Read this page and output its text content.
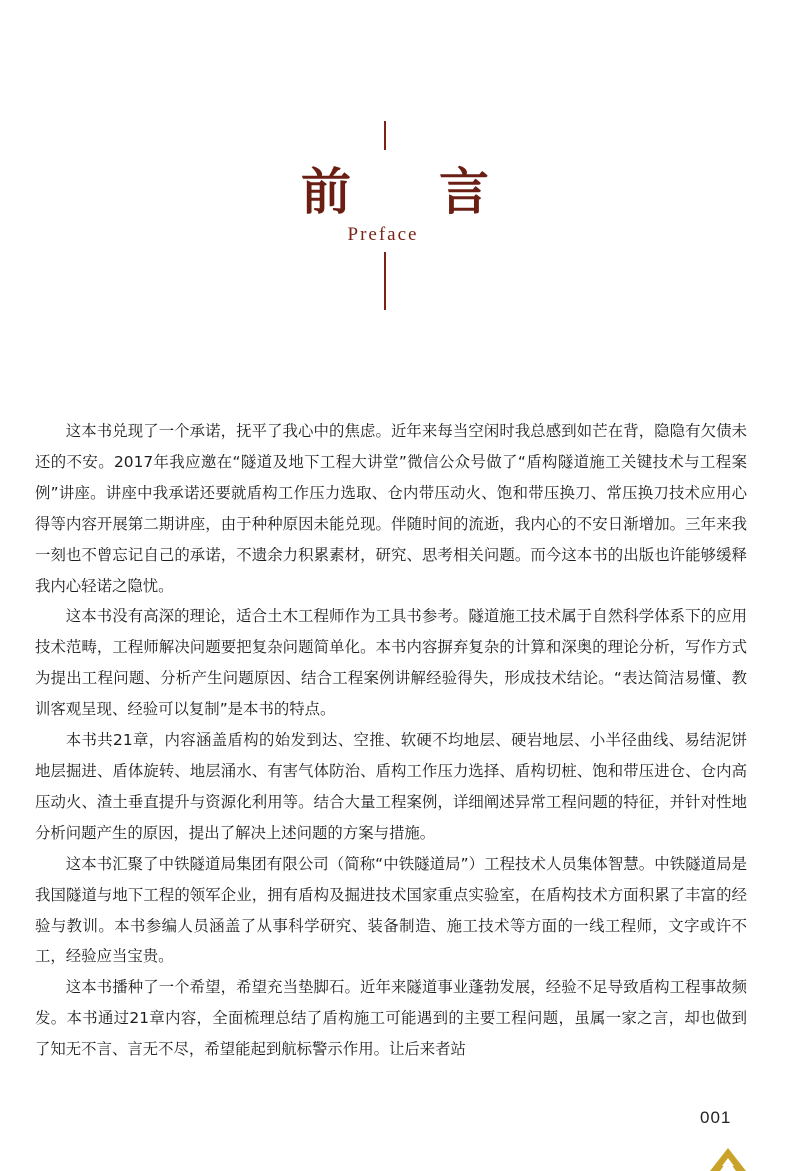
前言
Preface

这本书兑现了一个承诺，抚平了我心中的焦虑。近年来每当空闲时我总感到如芒在背，隐隐有欠债未还的不安。2017年我应邀在“隧道及地下工程大讲堂”微信公众号做了“盾构隧道施工关键技术与工程案例”讲座。讲座中我承诺还要就盾构工作压力选取、仓内带压动火、饱和带压换刀、常压换刀技术应用心得等内容开展第二期讲座，由于种种原因未能兑现。伴随时间的流逝，我内心的不安日渐增加。三年来我一刻也不曾忘记自己的承诺，不遗余力积累素材，研究、思考相关问题。而今这本书的出版也许能够缓释我内心轻诺之隐忧。

这本书没有高深的理论，适合土木工程师作为工具书参考。隧道施工技术属于自然科学体系下的应用技术范畴，工程师解决问题要把复杂问题简单化。本书内容摒弃复杂的计算和深奥的理论分析，写作方式为提出工程问题、分析产生问题原因、结合工程案例讲解经验得失，形成技术结论。“表达简洁易懂、教训客观呈现、经验可以复制”是本书的特点。

本书共21章，内容涵盖盾构的始发到达、空推、软硬不均地层、硬岩地层、小半径曲线、易结泥饼地层掘进、盾体旋转、地层涌水、有害气体防治、盾构工作压力选择、盾构切桩、饱和带压进仓、仓内高压动火、渣土垂直提升与资源化利用等。结合大量工程案例，详细阐述异常工程问题的特征，并针对性地分析问题产生的原因，提出了解决上述问题的方案与措施。

这本书汇聚了中铁隧道局集团有限公司（简称“中铁隧道局”）工程技术人员集体智慧。中铁隧道局是我国隧道与地下工程的领军企业，拥有盾构及掘进技术国家重点实验室，在盾构技术方面积累了丰富的经验与教训。本书参编人员涵盖了从事科学研究、装备制造、施工技术等方面的一线工程师，文字或许不工，经验应当宝贵。

这本书播种了一个希望，希望充当垫脚石。近年来隧道事业蓬勃发展，经验不足导致盾构工程事故频发。本书通过21章内容，全面梳理总结了盾构施工可能遇到的主要工程问题，虽属一家之言，却也做到了知无不言、言无不尽，希望能起到航标警示作用。让后来者站

001
